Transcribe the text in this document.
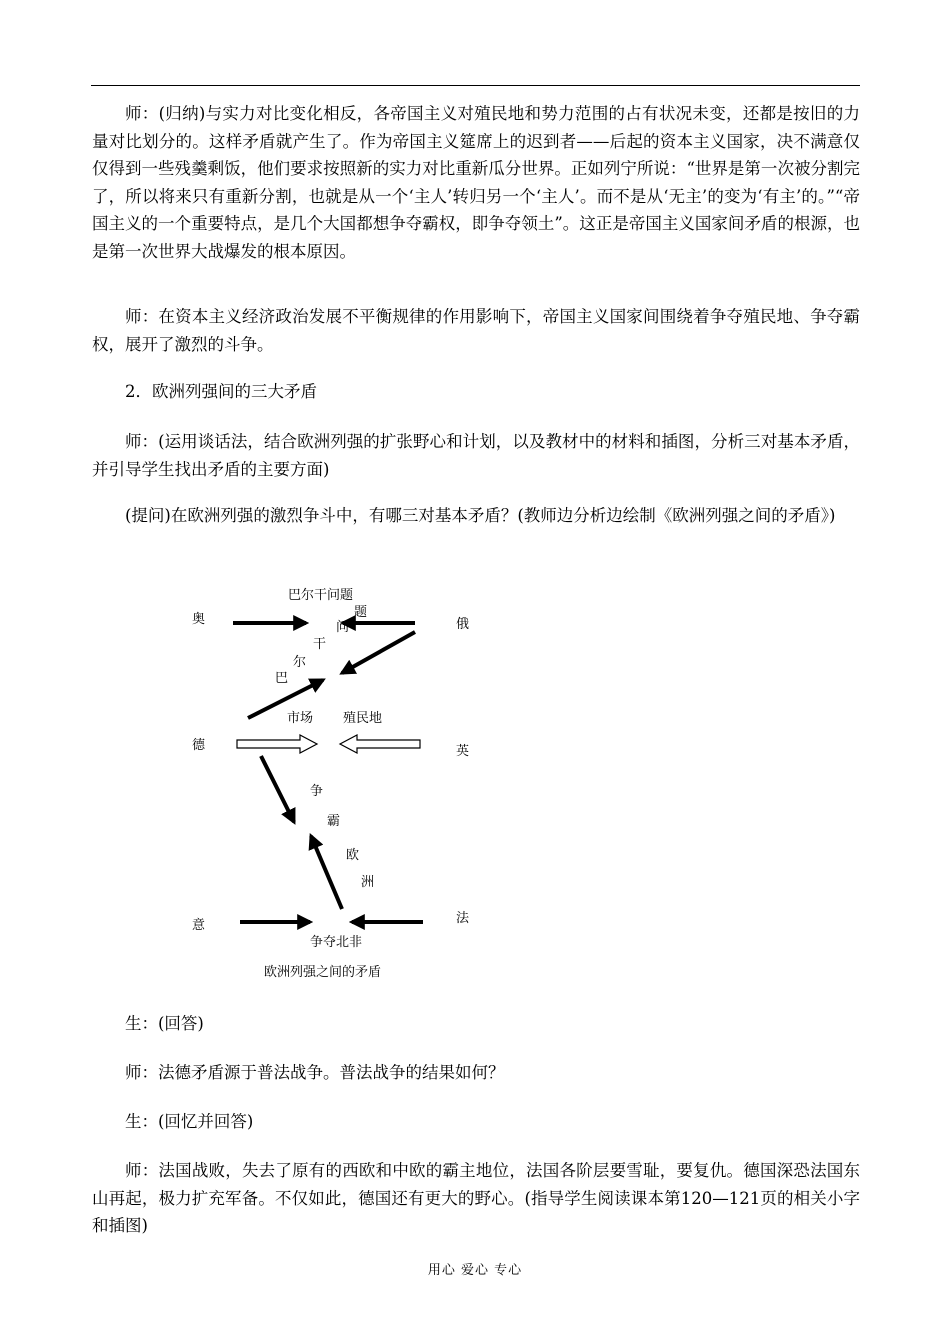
师：(归纳)与实力对比变化相反，各帝国主义对殖民地和势力范围的占有状况未变，还都是按旧的力量对比划分的。这样矛盾就产生了。作为帝国主义筵席上的迟到者——后起的资本主义国家，决不满意仅仅得到一些残羹剩饭，他们要求按照新的实力对比重新瓜分世界。正如列宁所说：“世界是第一次被分割完了，所以将来只有重新分割，也就是从一个‘主人’转归另一个‘主人’。而不是从‘无主’的变为‘有主’的。”“帝国主义的一个重要特点，是几个大国都想争夺霸权，即争夺领土”。这正是帝国主义国家间矛盾的根源，也是第一次世界大战爆发的根本原因。

师：在资本主义经济政治发展不平衡规律的作用影响下，帝国主义国家间围绕着争夺殖民地、争夺霸权，展开了激烈的斗争。

2．欧洲列强间的三大矛盾

师：(运用谈话法，结合欧洲列强的扩张野心和计划，以及教材中的材料和插图，分析三对基本矛盾，并引导学生找出矛盾的主要方面)

(提问)在欧洲列强的激烈争斗中，有哪三对基本矛盾？(教师边分析边绘制《欧洲列强之间的矛盾》)

巴尔干问题
奥	俄
德	英
意	法
巴
尔
干
问
题
市场 殖民地
争
霸
欧
洲
争夺北非
欧洲列强之间的矛盾

生：(回答)

师：法德矛盾源于普法战争。普法战争的结果如何？

生：(回忆并回答)

师：法国战败，失去了原有的西欧和中欧的霸主地位，法国各阶层要雪耻，要复仇。德国深恐法国东山再起，极力扩充军备。不仅如此，德国还有更大的野心。(指导学生阅读课本第120—121页的相关小字和插图)

用心 爱心 专心
